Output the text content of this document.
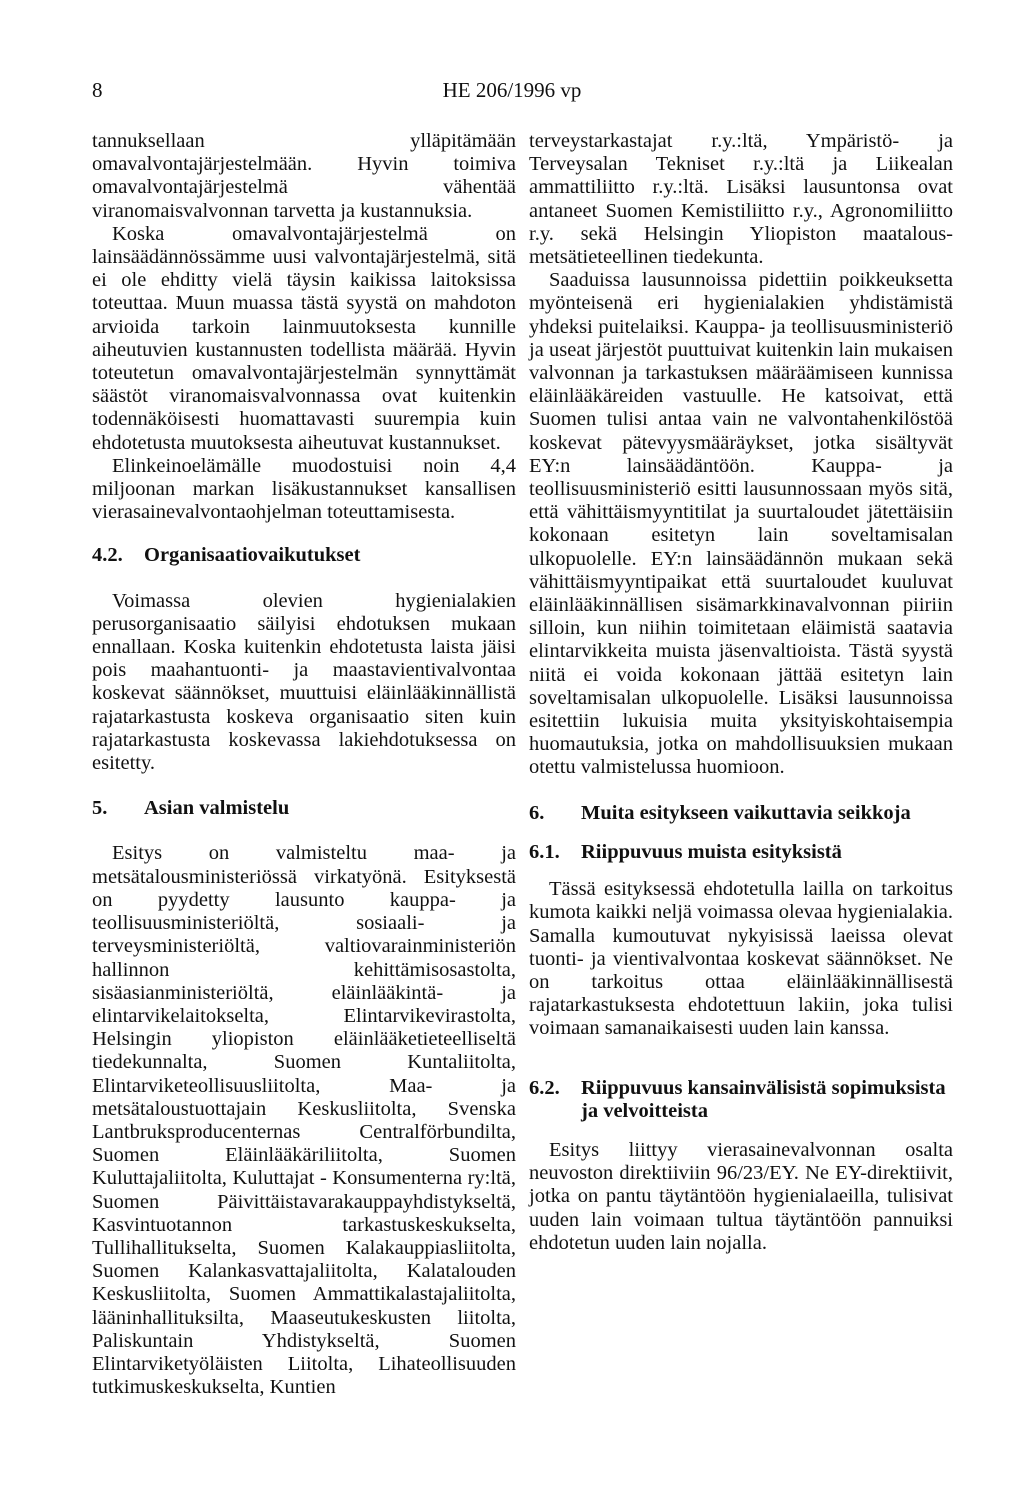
8	HE 206/1996 vp

tannuksellaan ylläpitämään omavalvontajärjestelmään. Hyvin toimiva omavalvontajärjestelmä vähentää viranomaisvalvonnan tarvetta ja kustannuksia.

Koska omavalvontajärjestelmä on lainsäädännössämme uusi valvontajärjestelmä, sitä ei ole ehditty vielä täysin kaikissa laitoksissa toteuttaa. Muun muassa tästä syystä on mahdoton arvioida tarkoin lainmuutoksesta kunnille aiheutuvien kustannusten todellista määrää. Hyvin toteutetun omavalvontajärjestelmän synnyttämät säästöt viranomaisvalvonnassa ovat kuitenkin todennäköisesti huomattavasti suurempia kuin ehdotetusta muutoksesta aiheutuvat kustannukset.

Elinkeinoelämälle muodostuisi noin 4,4 miljoonan markan lisäkustannukset kansallisen vierasainevalvontaohjelman toteuttamisesta.

4.2.	Organisaatiovaikutukset

Voimassa olevien hygienialakien perusorganisaatio säilyisi ehdotuksen mukaan ennallaan. Koska kuitenkin ehdotetusta laista jäisi pois maahantuonti- ja maastavientivalvontaa koskevat säännökset, muuttuisi eläinlääkinnällistä rajatarkastusta koskeva organisaatio siten kuin rajatarkastusta koskevassa lakiehdotuksessa on esitetty.

5.	Asian valmistelu

Esitys on valmisteltu maa- ja metsätalousministeriössä virkatyönä. Esityksestä on pyydetty lausunto kauppa- ja teollisuusministeriöltä, sosiaali- ja terveysministeriöltä, valtiovarainministeriön hallinnon kehittämisosastolta, sisäasianministeriöltä, eläinlääkintä- ja elintarvikelaitokselta, Elintarvikevirastolta, Helsingin yliopiston eläinlääketieteelliseltä tiedekunnalta, Suomen Kuntaliitolta, Elintarviketeollisuusliitolta, Maa- ja metsätaloustuottajain Keskusliitolta, Svenska Lantbruksproducenternas Centralförbundilta, Suomen Eläinlääkäriliitolta, Suomen Kuluttajaliitolta, Kuluttajat - Konsumenterna ry:ltä, Suomen Päivittäistavarakauppayhdistykseltä, Kasvintuotannon tarkastuskeskukselta, Tullihallitukselta, Suomen Kalakauppiasliitolta, Suomen Kalankasvattajaliitolta, Kalatalouden Keskusliitolta, Suomen Ammattikalastajaliitolta, lääninhallituksilta, Maaseutukeskusten liitolta, Paliskuntain Yhdistykseltä, Suomen Elintarviketyöläisten Liitolta, Lihateollisuuden tutkimuskeskukselta, Kuntien

terveystarkastajat r.y.:ltä, Ympäristö- ja Terveysalan Tekniset r.y.:ltä ja Liikealan ammattiliitto r.y.:ltä. Lisäksi lausuntonsa ovat antaneet Suomen Kemistiliitto r.y., Agronomiliitto r.y. sekä Helsingin Yliopiston maatalous-metsätieteellinen tiedekunta.

Saaduissa lausunnoissa pidettiin poikkeuksetta myönteisenä eri hygienialakien yhdistämistä yhdeksi puitelaiksi. Kauppa- ja teollisuusministeriö ja useat järjestöt puuttuivat kuitenkin lain mukaisen valvonnan ja tarkastuksen määräämiseen kunnissa eläinlääkäreiden vastuulle. He katsoivat, että Suomen tulisi antaa vain ne valvontahenkilöstöä koskevat pätevyysmääräykset, jotka sisältyvät EY:n lainsäädäntöön. Kauppa- ja teollisuusministeriö esitti lausunnossaan myös sitä, että vähittäismyyntitilat ja suurtaloudet jätettäisiin kokonaan esitetyn lain soveltamisalan ulkopuolelle. EY:n lainsäädännön mukaan sekä vähittäismyyntipaikat että suurtaloudet kuuluvat eläinlääkinnällisen sisämarkkinavalvonnan piiriin silloin, kun niihin toimitetaan eläimistä saatavia elintarvikkeita muista jäsenvaltioista. Tästä syystä niitä ei voida kokonaan jättää esitetyn lain soveltamisalan ulkopuolelle. Lisäksi lausunnoissa esitettiin lukuisia muita yksityiskohtaisempia huomautuksia, jotka on mahdollisuuksien mukaan otettu valmistelussa huomioon.

6.	Muita esitykseen vaikuttavia seikkoja
6.1.	Riippuvuus muista esityksistä

Tässä esityksessä ehdotetulla lailla on tarkoitus kumota kaikki neljä voimassa olevaa hygienialakia. Samalla kumoutuvat nykyisissä laeissa olevat tuonti- ja vientivalvontaa koskevat säännökset. Ne on tarkoitus ottaa eläinlääkinnällisestä rajatarkastuksesta ehdotettuun lakiin, joka tulisi voimaan samanaikaisesti uuden lain kanssa.

6.2.	Riippuvuus kansainvälisistä sopimuksista ja velvoitteista

Esitys liittyy vierasainevalvonnan osalta neuvoston direktiiviin 96/23/EY. Ne EY-direktiivit, jotka on pantu täytäntöön hygienialaeilla, tulisivat uuden lain voimaan tultua täytäntöön pannuiksi ehdotetun uuden lain nojalla.
